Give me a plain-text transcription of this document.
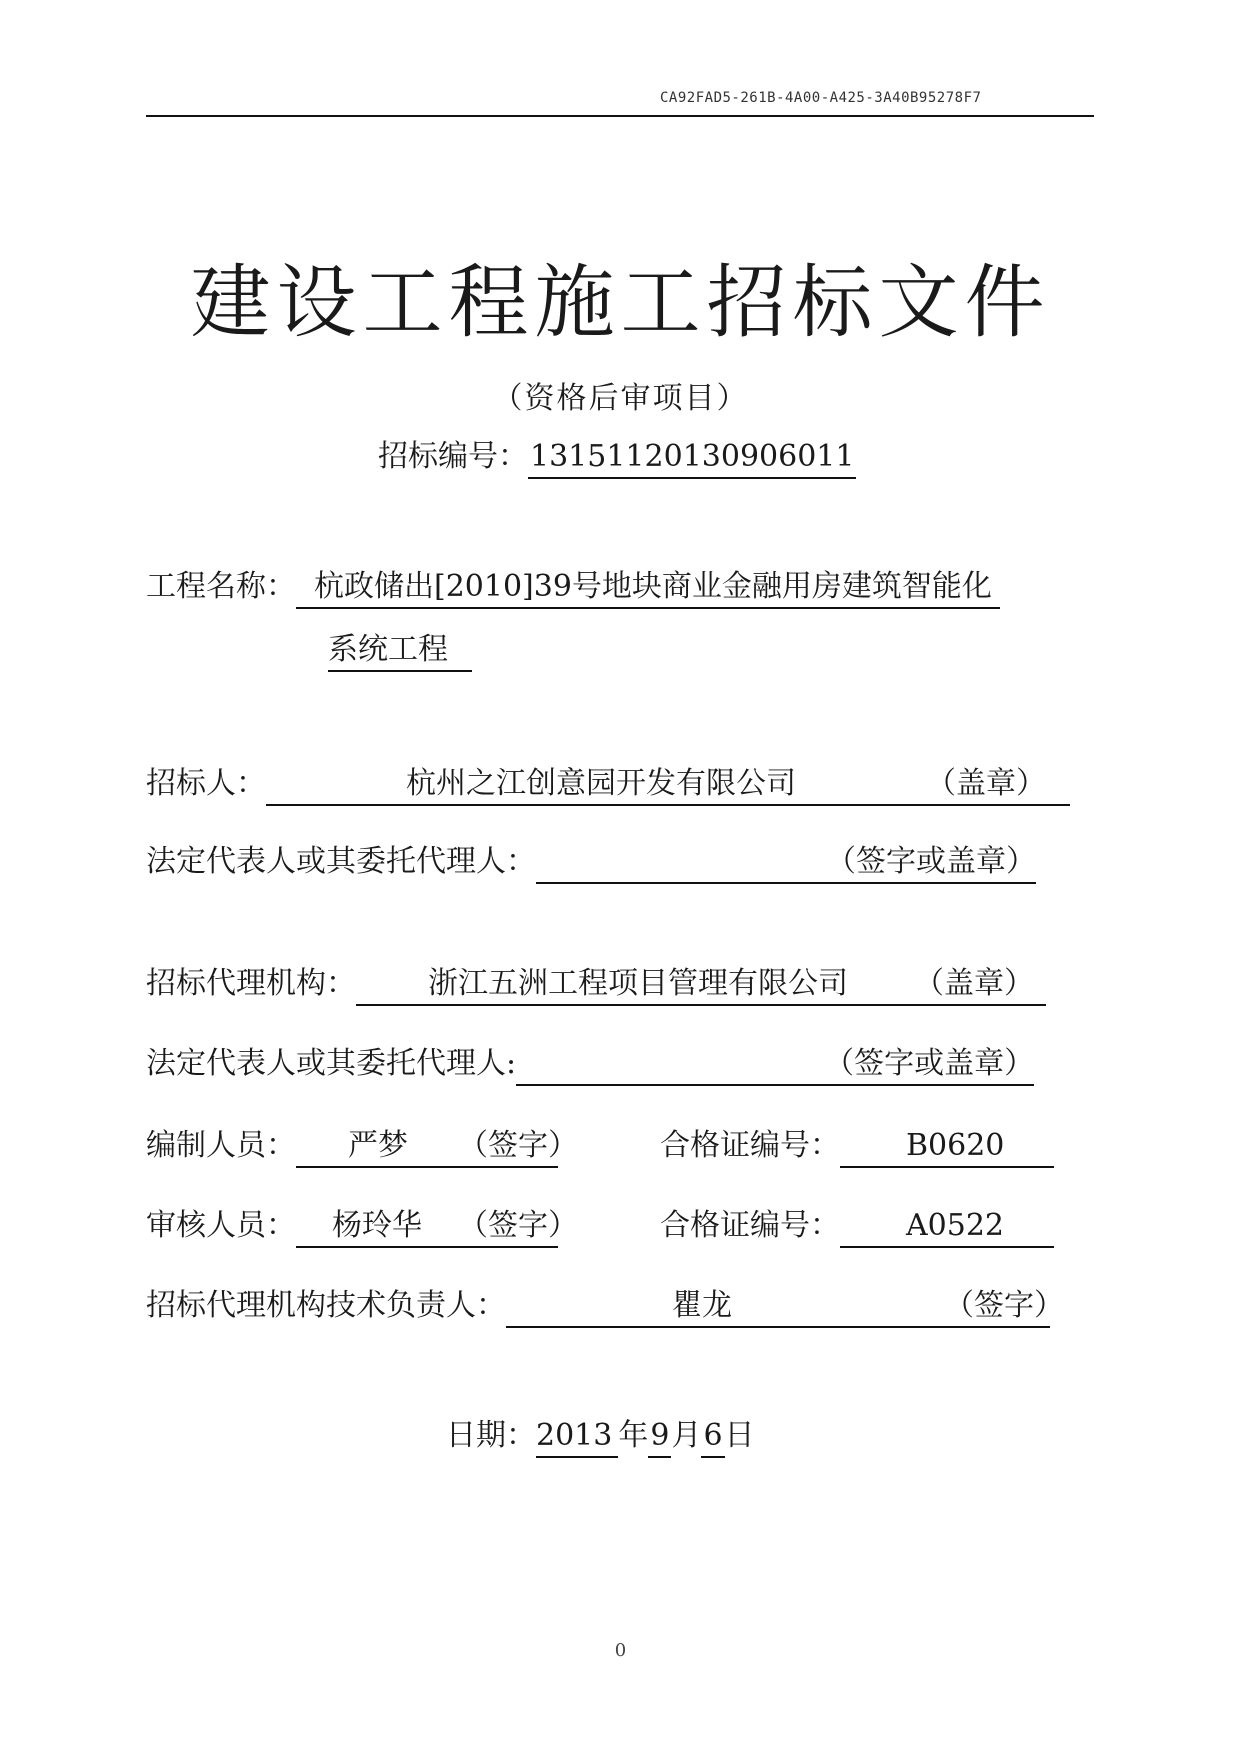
CA92FAD5-261B-4A00-A425-3A40B95278F7
建设工程施工招标文件
（资格后审项目）
招标编号：13151120130906011
工程名称： 杭政储出[2010]39号地块商业金融用房建筑智能化
系统工程
招标人：	杭州之江创意园开发有限公司	（盖章）
法定代表人或其委托代理人：	（签字或盖章）
招标代理机构： 浙江五洲工程项目管理有限公司 （盖章）
法定代表人或其委托代理人:	（签字或盖章）
编制人员： 严梦 （签字）	合格证编号： B0620
审核人员： 杨玲华 （签字）	合格证编号： A0522
招标代理机构技术负责人：	瞿龙	（签字）
日期：2013 年9月6日
0
